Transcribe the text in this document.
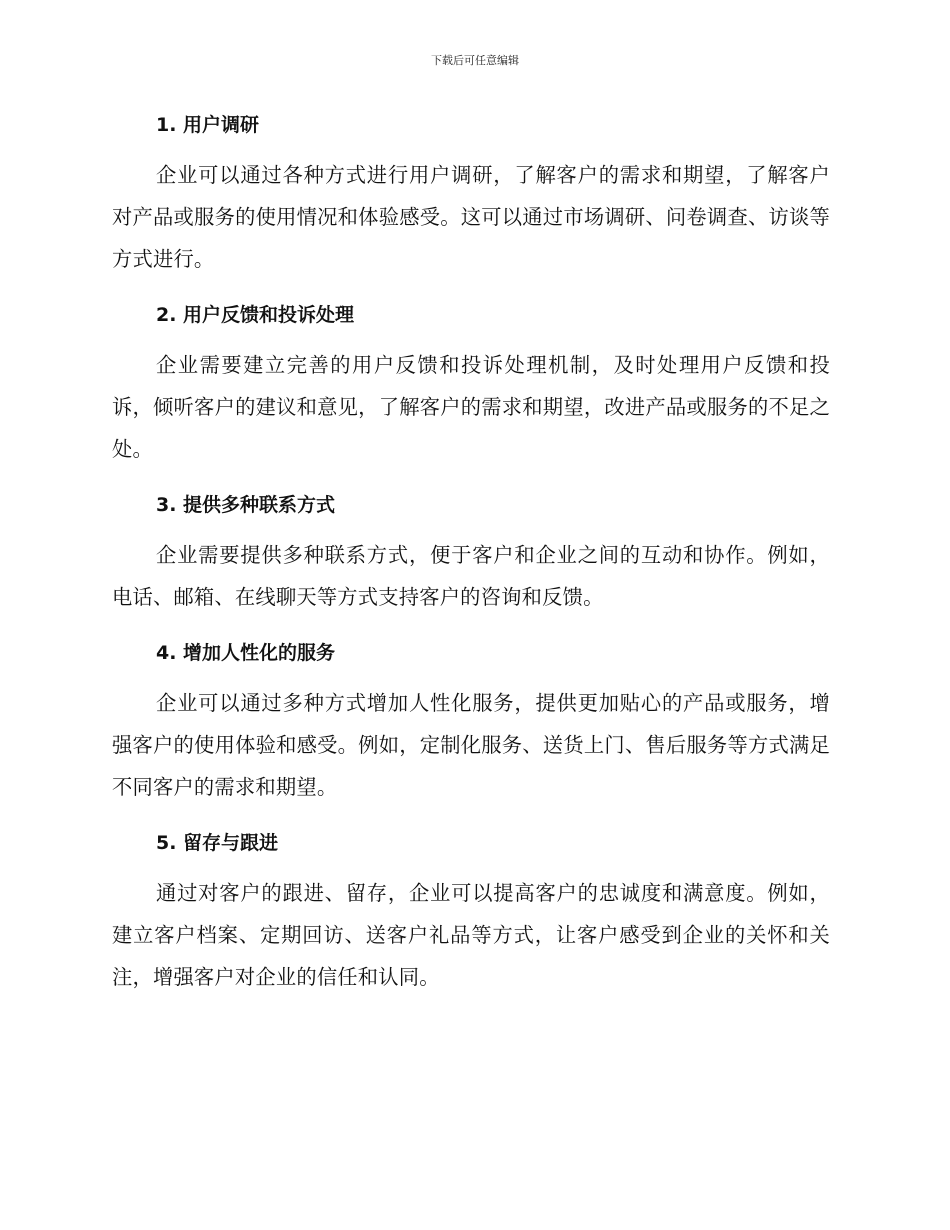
下载后可任意编辑

1. 用户调研

企业可以通过各种方式进行用户调研，了解客户的需求和期望，了解客户对产品或服务的使用情况和体验感受。这可以通过市场调研、问卷调查、访谈等方式进行。

2. 用户反馈和投诉处理

企业需要建立完善的用户反馈和投诉处理机制，及时处理用户反馈和投诉，倾听客户的建议和意见，了解客户的需求和期望，改进产品或服务的不足之处。

3. 提供多种联系方式

企业需要提供多种联系方式，便于客户和企业之间的互动和协作。例如，电话、邮箱、在线聊天等方式支持客户的咨询和反馈。

4. 增加人性化的服务

企业可以通过多种方式增加人性化服务，提供更加贴心的产品或服务，增强客户的使用体验和感受。例如，定制化服务、送货上门、售后服务等方式满足不同客户的需求和期望。

5. 留存与跟进

通过对客户的跟进、留存，企业可以提高客户的忠诚度和满意度。例如，建立客户档案、定期回访、送客户礼品等方式，让客户感受到企业的关怀和关注，增强客户对企业的信任和认同。
